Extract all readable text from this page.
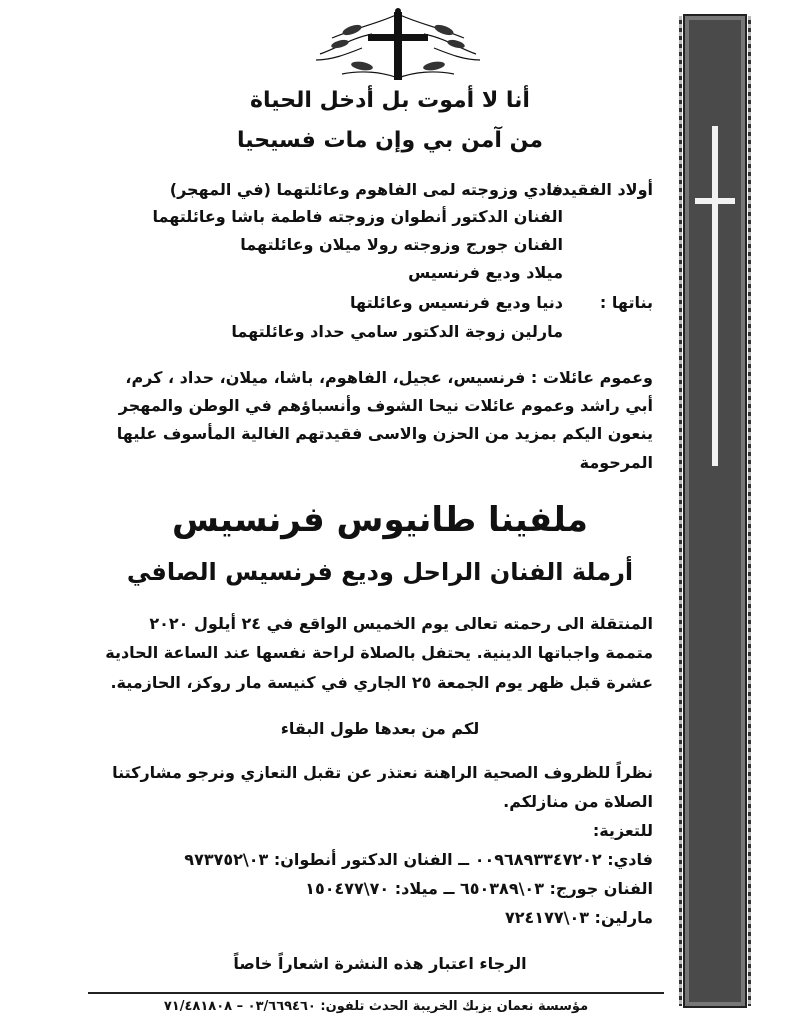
أنا لا أموت بل أدخل الحياة
من آمن بي وإن مات فسيحيا
أولاد الفقيدة:
فادي وزوجته لمى الفاهوم وعائلتهما (في المهجر)
الفنان الدكتور أنطوان وزوجته فاطمة باشا وعائلتهما
الفنان جورج وزوجته رولا ميلان وعائلتهما
ميلاد وديع فرنسيس
بناتها :
دنيا وديع فرنسيس وعائلتها
مارلين زوجة الدكتور سامي حداد وعائلتهما
وعموم عائلات : فرنسيس، عجيل، الفاهوم، باشا، ميلان، حداد ، كرم،
أبي راشد وعموم عائلات نيحا الشوف وأنسباؤهم في الوطن والمهجر
ينعون اليكم بمزيد من الحزن والاسى فقيدتهم الغالية المأسوف عليها
المرحومة
ملفينا طانيوس فرنسيس
أرملة الفنان الراحل وديع فرنسيس الصافي
المنتقلة الى رحمته تعالى يوم الخميس الواقع في ٢٤ أيلول ٢٠٢٠
متممة واجباتها الدينية. يحتفل بالصلاة لراحة نفسها عند الساعة الحادية
عشرة قبل ظهر يوم الجمعة ٢٥ الجاري في كنيسة مار روكز، الحازمية.
لكم من بعدها طول البقاء
نظراً للظروف الصحية الراهنة نعتذر عن تقبل التعازي ونرجو مشاركتنا
الصلاة من منازلكم.
للتعزية:
فادي: ٠٠٩٦٨٩٣٣٤٧٢٠٢ ــ الفنان الدكتور أنطوان: ٠٣\٩٧٣٧٥٢
الفنان جورج: ٠٣\٦٥٠٣٨٩ ــ ميلاد: ٧٠\١٥٠٤٧٧
مارلين: ٠٣\٧٢٤١٧٧
الرجاء اعتبار هذه النشرة اشعاراً خاصاً
مؤسسة نعمان يزبك الخريبة الحدث تلفون: ٠٣/٦٦٩٤٦٠ – ٧١/٤٨١٨٠٨
